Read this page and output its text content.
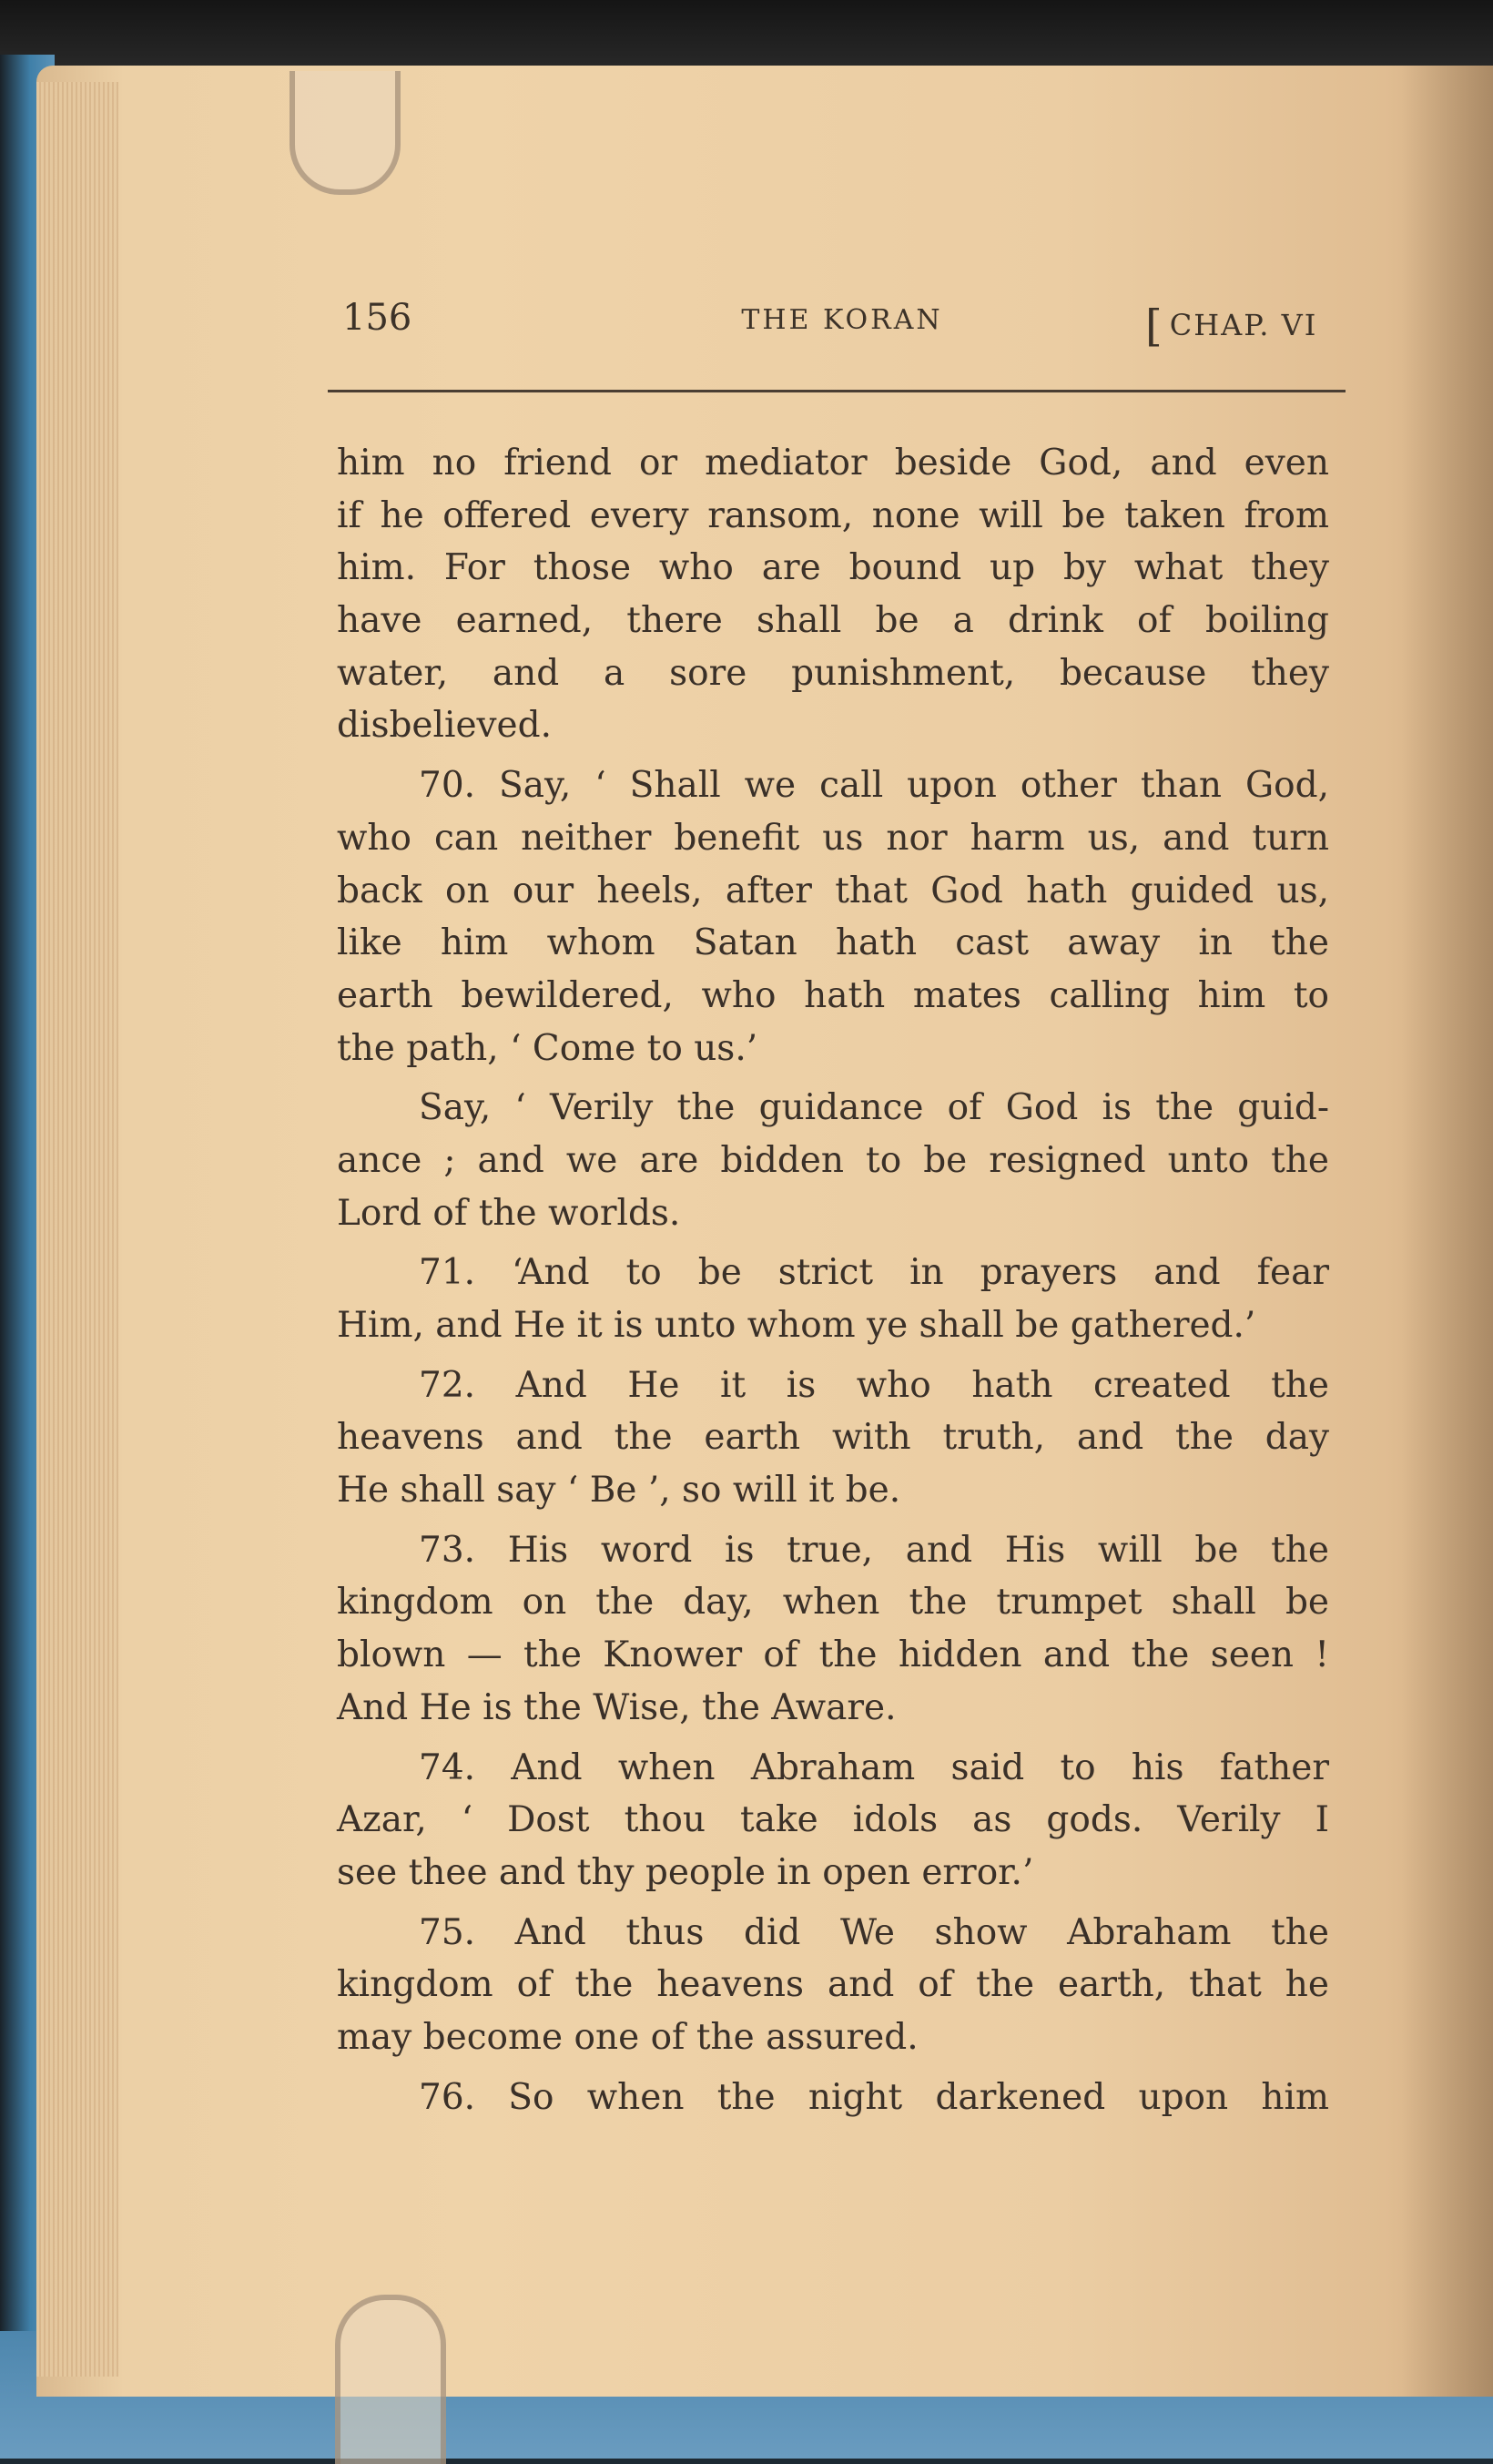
156	THE KORAN	[ CHAP. VI
him no friend or mediator beside God, and even
if he offered every ransom, none will be taken from
him. For those who are bound up by what they
have earned, there shall be a drink of boiling
water, and a sore punishment, because they
disbelieved.
70. Say, ‘ Shall we call upon other than God,
who can neither benefit us nor harm us, and turn
back on our heels, after that God hath guided us,
like him whom Satan hath cast away in the
earth bewildered, who hath mates calling him to
the path, ‘ Come to us.’
Say, ‘ Verily the guidance of God is the guid-
ance ; and we are bidden to be resigned unto the
Lord of the worlds.
71. ‘And to be strict in prayers and fear
Him, and He it is unto whom ye shall be gathered.’
72. And He it is who hath created the
heavens and the earth with truth, and the day
He shall say ‘ Be ’, so will it be.
73. His word is true, and His will be the
kingdom on the day, when the trumpet shall be
blown — the Knower of the hidden and the seen !
And He is the Wise, the Aware.
74. And when Abraham said to his father
Azar, ‘ Dost thou take idols as gods. Verily I
see thee and thy people in open error.’
75. And thus did We show Abraham the
kingdom of the heavens and of the earth, that he
may become one of the assured.
76. So when the night darkened upon him
